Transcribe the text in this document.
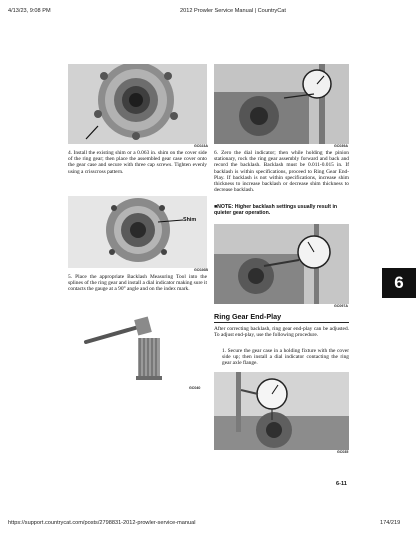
4/13/23, 9:08 PM	2012 Prowler Service Manual | CountryCat
GC023A
4. Install the existing shim or a 0.063 in. shim on the cover side of the ring gear; then place the assembled gear case cover onto the gear case and secure with three cap screws. Tighten evenly using a crisscross pattern.
GC039A
6. Zero the dial indicator; then while holding the pinion stationary, rock the ring gear assembly forward and back and record the backlash. Backlash must be 0.011-0.015 in. If backlash is within specifications, proceed to Ring Gear End-Play. If backlash is not within specifications, increase shim thickness to increase backlash or decrease shim thickness to decrease backlash.
■NOTE: Higher backlash settings usually result in quieter gear operation.
Shim
GC026B
5. Place the appropriate Backlash Measuring Tool into the splines of the ring gear and install a dial indicator making sure it contacts the gauge at a 90° angle and on the index mark.
GC097A
6
GC040
Ring Gear End-Play
After correcting backlash, ring gear end-play can be adjusted. To adjust end-play, use the following procedure.
1. Secure the gear case in a holding fixture with the cover side up; then install a dial indicator contacting the ring gear axle flange.
GC035
6-11
https://support.countrycat.com/posts/2798831-2012-prowler-service-manual	174/219
